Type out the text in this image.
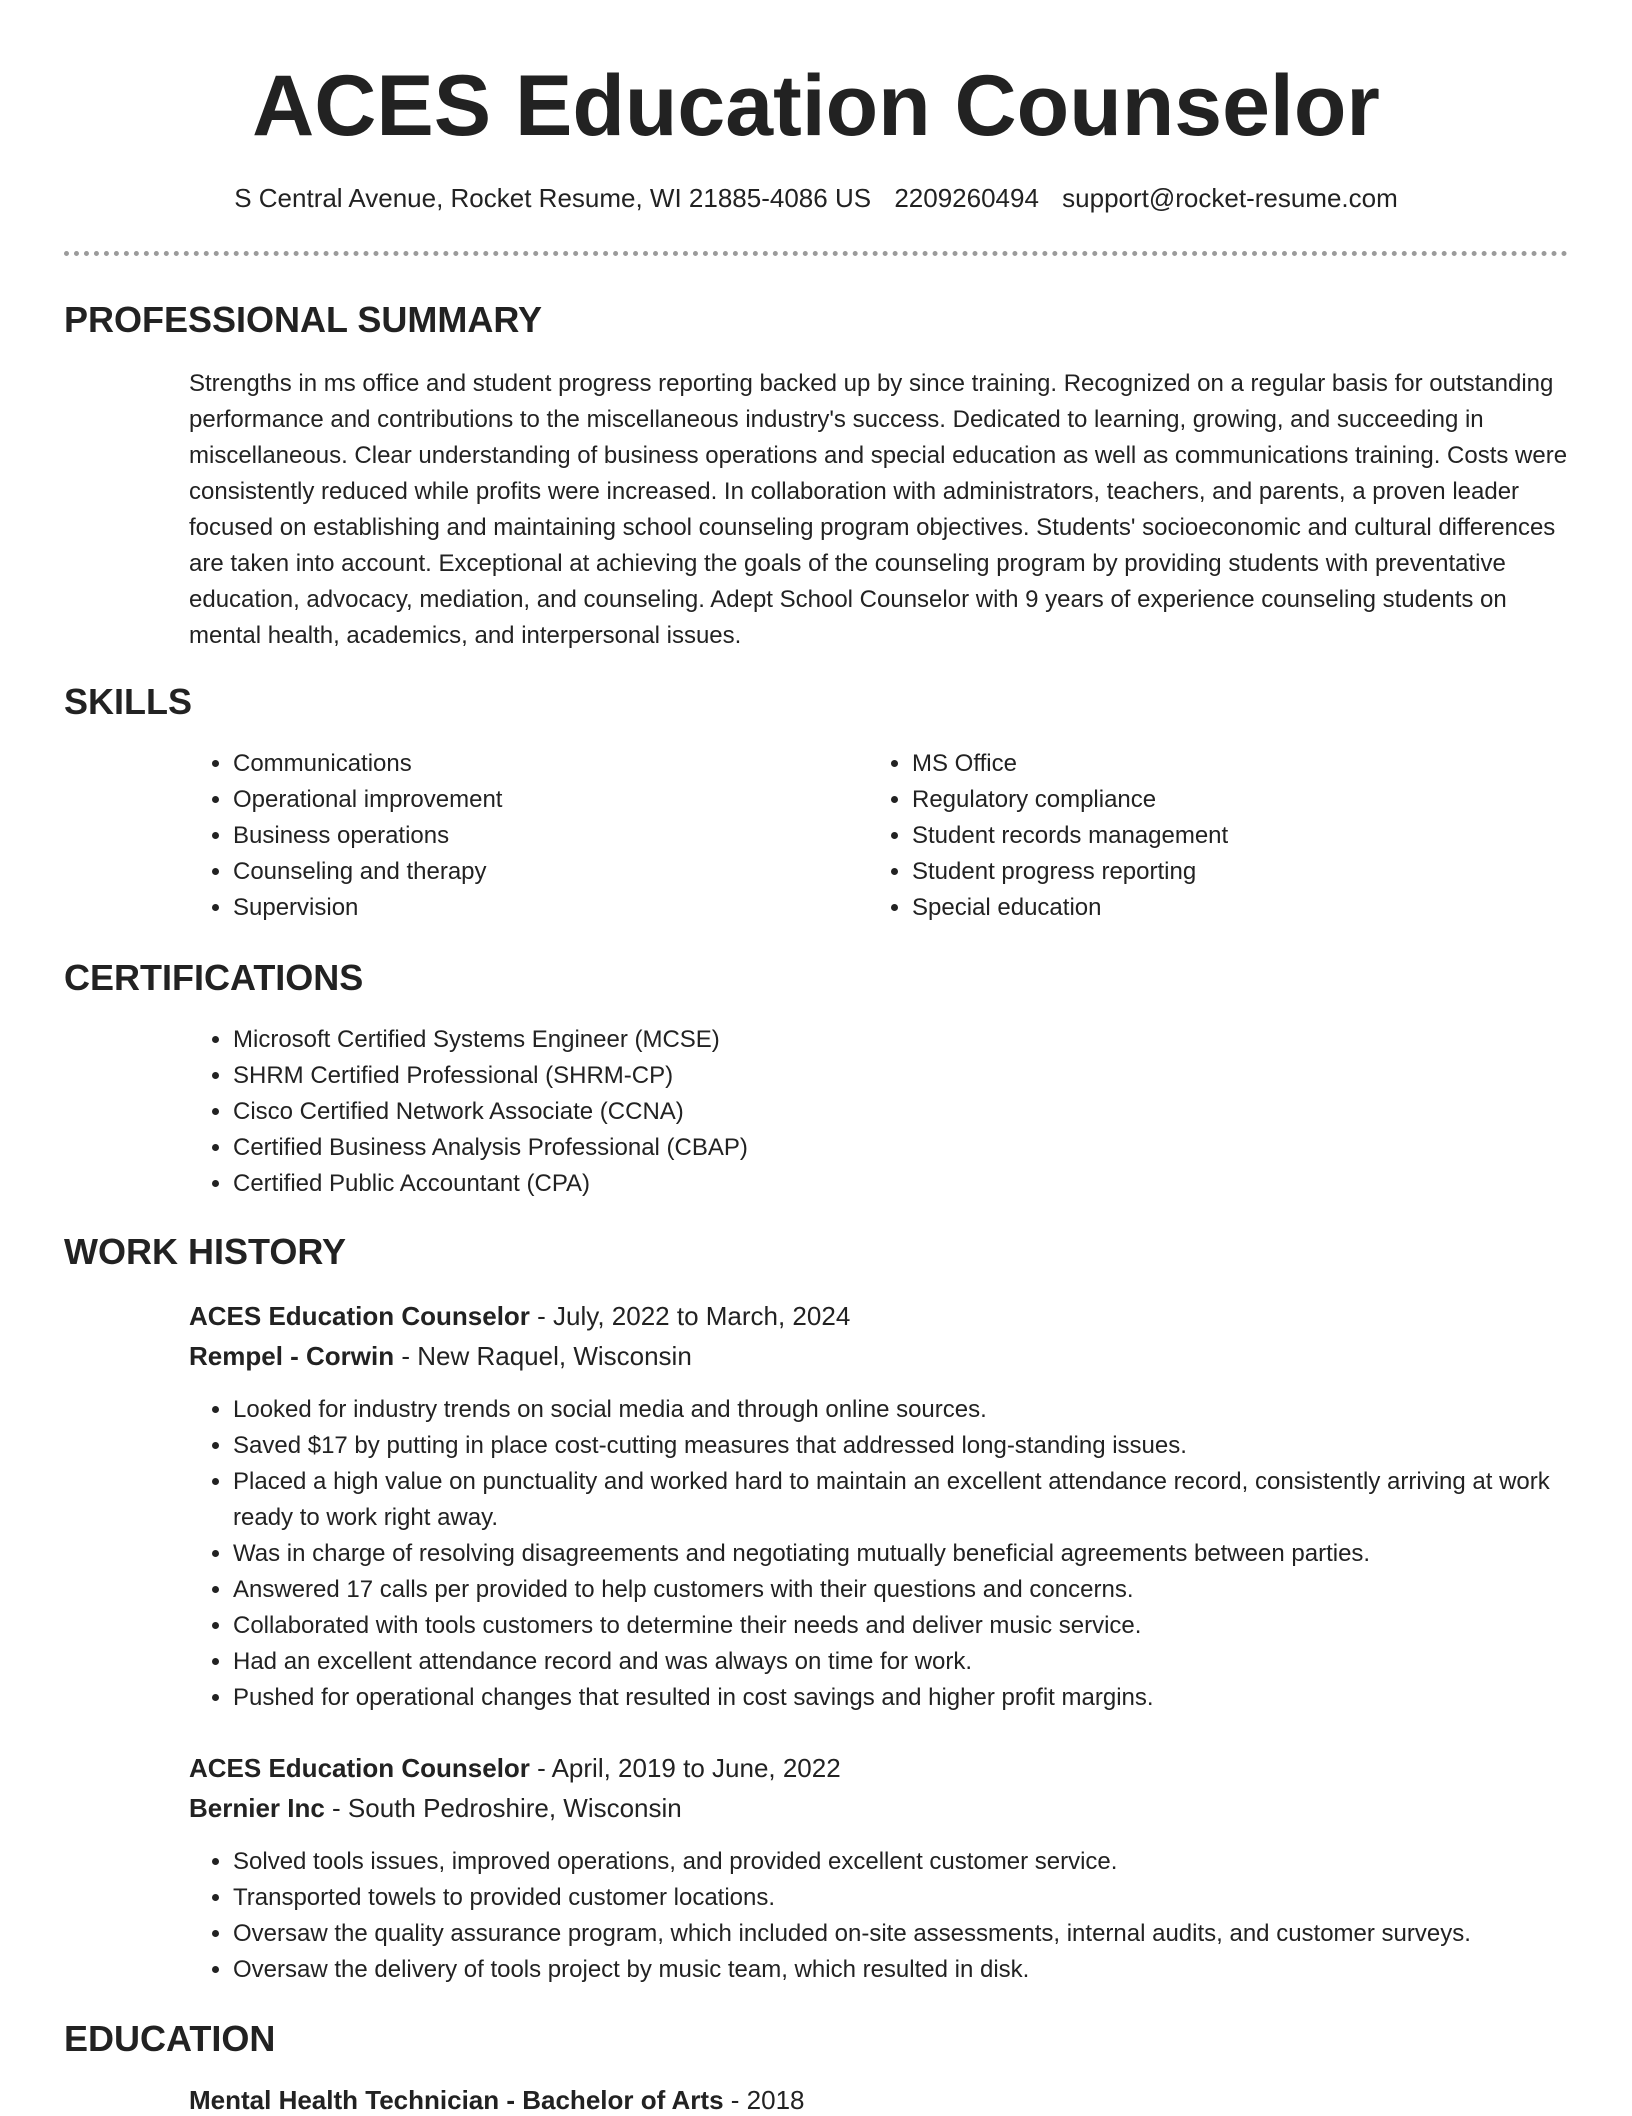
ACES Education Counselor
S Central Avenue, Rocket Resume, WI 21885-4086 US 2209260494 support@rocket-resume.com
PROFESSIONAL SUMMARY

Strengths in ms office and student progress reporting backed up by since training. Recognized on a regular basis for outstanding performance and contributions to the miscellaneous industry's success. Dedicated to learning, growing, and succeeding in miscellaneous. Clear understanding of business operations and special education as well as communications training. Costs were consistently reduced while profits were increased. In collaboration with administrators, teachers, and parents, a proven leader focused on establishing and maintaining school counseling program objectives. Students' socioeconomic and cultural differences are taken into account. Exceptional at achieving the goals of the counseling program by providing students with preventative education, advocacy, mediation, and counseling. Adept School Counselor with 9 years of experience counseling students on mental health, academics, and interpersonal issues.

SKILLS
• Communications
• Operational improvement
• Business operations
• Counseling and therapy
• Supervision
• MS Office
• Regulatory compliance
• Student records management
• Student progress reporting
• Special education
CERTIFICATIONS
• Microsoft Certified Systems Engineer (MCSE)
• SHRM Certified Professional (SHRM-CP)
• Cisco Certified Network Associate (CCNA)
• Certified Business Analysis Professional (CBAP)
• Certified Public Accountant (CPA)
WORK HISTORY
ACES Education Counselor - July, 2022 to March, 2024
Rempel - Corwin - New Raquel, Wisconsin
• Looked for industry trends on social media and through online sources.
• Saved $17 by putting in place cost-cutting measures that addressed long-standing issues.
• Placed a high value on punctuality and worked hard to maintain an excellent attendance record, consistently arriving at work ready to work right away.
• Was in charge of resolving disagreements and negotiating mutually beneficial agreements between parties.
• Answered 17 calls per provided to help customers with their questions and concerns.
• Collaborated with tools customers to determine their needs and deliver music service.
• Had an excellent attendance record and was always on time for work.
• Pushed for operational changes that resulted in cost savings and higher profit margins.
ACES Education Counselor - April, 2019 to June, 2022
Bernier Inc - South Pedroshire, Wisconsin
• Solved tools issues, improved operations, and provided excellent customer service.
• Transported towels to provided customer locations.
• Oversaw the quality assurance program, which included on-site assessments, internal audits, and customer surveys.
• Oversaw the delivery of tools project by music team, which resulted in disk.
EDUCATION
Mental Health Technician - Bachelor of Arts - 2018
